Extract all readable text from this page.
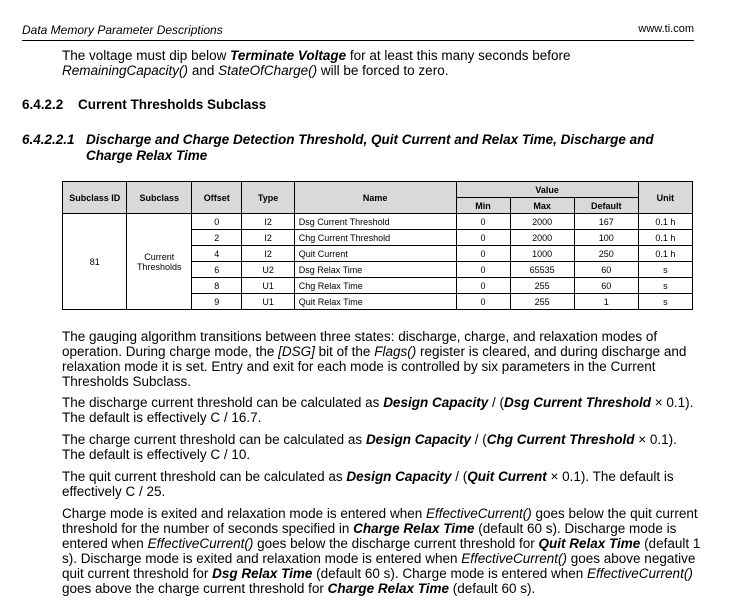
Data Memory Parameter Descriptions	www.ti.com
The voltage must dip below Terminate Voltage for at least this many seconds before
RemainingCapacity() and StateOfCharge() will be forced to zero.
6.4.2.2 Current Thresholds Subclass
6.4.2.2.1 Discharge and Charge Detection Threshold, Quit Current and Relax Time, Discharge and Charge Relax Time
Subclass ID	Subclass	Offset	Type	Name	Value			Unit
					Min	Max	Default	
81	Current Thresholds	0	I2	Dsg Current Threshold	0	2000	167	0.1 h
		2	I2	Chg Current Threshold	0	2000	100	0.1 h
		4	I2	Quit Current	0	1000	250	0.1 h
		6	U2	Dsg Relax Time	0	65535	60	s
		8	U1	Chg Relax Time	0	255	60	s
		9	U1	Quit Relax Time	0	255	1	s
The gauging algorithm transitions between three states: discharge, charge, and relaxation modes of operation. During charge mode, the [DSG] bit of the Flags() register is cleared, and during discharge and relaxation mode it is set. Entry and exit for each mode is controlled by six parameters in the Current Thresholds Subclass.
The discharge current threshold can be calculated as Design Capacity / (Dsg Current Threshold × 0.1).
The default is effectively C / 16.7.
The charge current threshold can be calculated as Design Capacity / (Chg Current Threshold × 0.1).
The default is effectively C / 10.
The quit current threshold can be calculated as Design Capacity / (Quit Current × 0.1). The default is effectively C / 25.
Charge mode is exited and relaxation mode is entered when EffectiveCurrent() goes below the quit current threshold for the number of seconds specified in Charge Relax Time (default 60 s). Discharge mode is entered when EffectiveCurrent() goes below the discharge current threshold for Quit Relax Time (default 1 s). Discharge mode is exited and relaxation mode is entered when EffectiveCurrent() goes above negative quit current threshold for Dsg Relax Time (default 60 s). Charge mode is entered when EffectiveCurrent() goes above the charge current threshold for Charge Relax Time (default 60 s).
